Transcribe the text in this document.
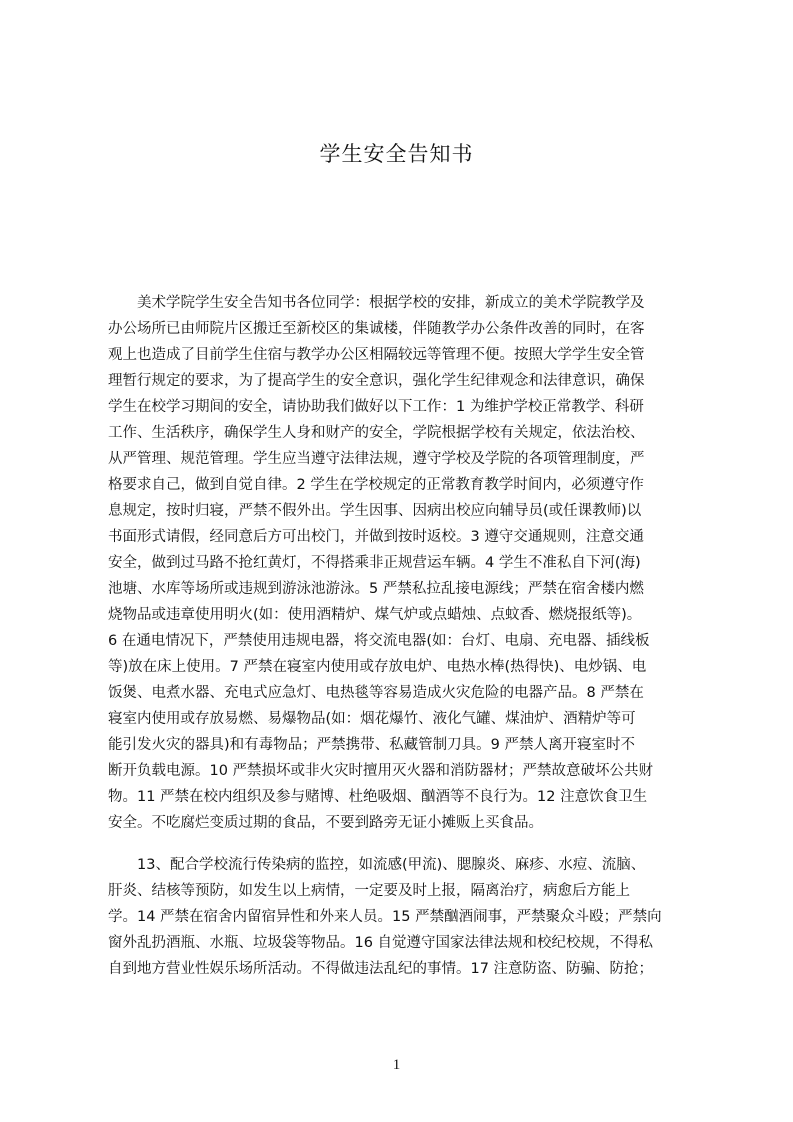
学生安全告知书
美术学院学生安全告知书各位同学：根据学校的安排，新成立的美术学院教学及
办公场所已由师院片区搬迁至新校区的集诚楼，伴随教学办公条件改善的同时，在客
观上也造成了目前学生住宿与教学办公区相隔较远等管理不便。按照大学学生安全管
理暂行规定的要求，为了提高学生的安全意识，强化学生纪律观念和法律意识，确保
学生在校学习期间的安全，请协助我们做好以下工作：1 为维护学校正常教学、科研
工作、生活秩序，确保学生人身和财产的安全，学院根据学校有关规定，依法治校、
从严管理、规范管理。学生应当遵守法律法规，遵守学校及学院的各项管理制度，严
格要求自己，做到自觉自律。2 学生在学校规定的正常教育教学时间内，必须遵守作
息规定，按时归寝，严禁不假外出。学生因事、因病出校应向辅导员(或任课教师)以
书面形式请假，经同意后方可出校门，并做到按时返校。3 遵守交通规则，注意交通
安全，做到过马路不抢红黄灯，不得搭乘非正规营运车辆。4 学生不准私自下河(海)
池塘、水库等场所或违规到游泳池游泳。5 严禁私拉乱接电源线；严禁在宿舍楼内燃
烧物品或违章使用明火(如：使用酒精炉、煤气炉或点蜡烛、点蚊香、燃烧报纸等)。
6 在通电情况下，严禁使用违规电器，将交流电器(如：台灯、电扇、充电器、插线板
等)放在床上使用。7 严禁在寝室内使用或存放电炉、电热水棒(热得快)、电炒锅、电
饭煲、电煮水器、充电式应急灯、电热毯等容易造成火灾危险的电器产品。8 严禁在
寝室内使用或存放易燃、易爆物品(如：烟花爆竹、液化气罐、煤油炉、酒精炉等可
能引发火灾的器具)和有毒物品；严禁携带、私藏管制刀具。9 严禁人离开寝室时不
断开负载电源。10 严禁损坏或非火灾时擅用灭火器和消防器材；严禁故意破坏公共财
物。11 严禁在校内组织及参与赌博、杜绝吸烟、酗酒等不良行为。12 注意饮食卫生
安全。不吃腐烂变质过期的食品，不要到路旁无证小摊贩上买食品。
13、配合学校流行传染病的监控，如流感(甲流)、腮腺炎、麻疹、水痘、流脑、
肝炎、结核等预防，如发生以上病情，一定要及时上报，隔离治疗，病愈后方能上
学。14 严禁在宿舍内留宿异性和外来人员。15 严禁酗酒闹事，严禁聚众斗殴；严禁向
窗外乱扔酒瓶、水瓶、垃圾袋等物品。16 自觉遵守国家法律法规和校纪校规，不得私
自到地方营业性娱乐场所活动。不得做违法乱纪的事情。17 注意防盗、防骗、防抢；
1
